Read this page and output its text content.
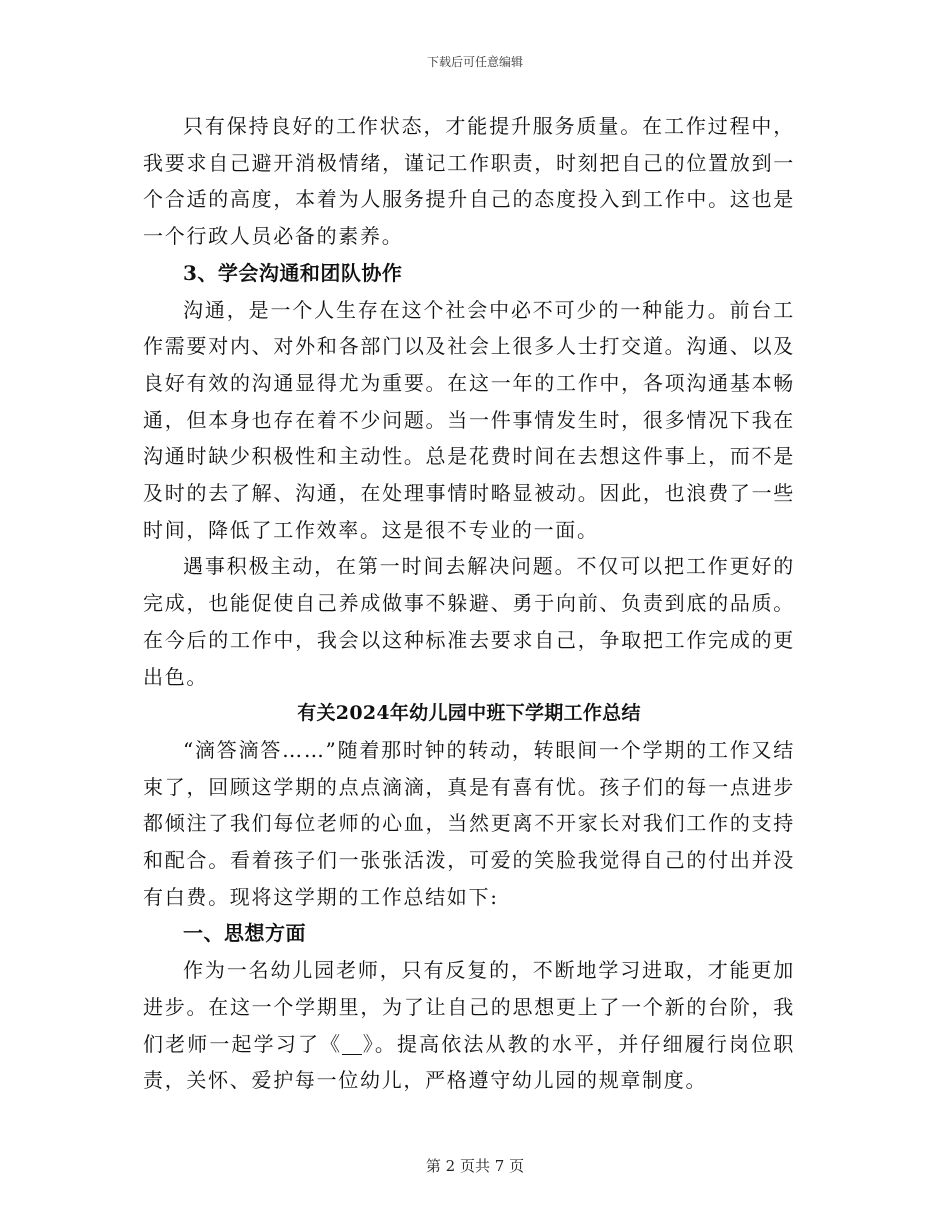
下载后可任意编辑

只有保持良好的工作状态，才能提升服务质量。在工作过程中，我要求自己避开消极情绪，谨记工作职责，时刻把自己的位置放到一个合适的高度，本着为人服务提升自己的态度投入到工作中。这也是一个行政人员必备的素养。

3、学会沟通和团队协作

沟通，是一个人生存在这个社会中必不可少的一种能力。前台工作需要对内、对外和各部门以及社会上很多人士打交道。沟通、以及良好有效的沟通显得尤为重要。在这一年的工作中，各项沟通基本畅通，但本身也存在着不少问题。当一件事情发生时，很多情况下我在沟通时缺少积极性和主动性。总是花费时间在去想这件事上，而不是及时的去了解、沟通，在处理事情时略显被动。因此，也浪费了一些时间，降低了工作效率。这是很不专业的一面。

遇事积极主动，在第一时间去解决问题。不仅可以把工作更好的完成，也能促使自己养成做事不躲避、勇于向前、负责到底的品质。在今后的工作中，我会以这种标准去要求自己，争取把工作完成的更出色。

有关2024年幼儿园中班下学期工作总结

“滴答滴答……”随着那时钟的转动，转眼间一个学期的工作又结束了，回顾这学期的点点滴滴，真是有喜有忧。孩子们的每一点进步都倾注了我们每位老师的心血，当然更离不开家长对我们工作的支持和配合。看着孩子们一张张活泼，可爱的笑脸我觉得自己的付出并没有白费。现将这学期的工作总结如下:

一、思想方面

作为一名幼儿园老师，只有反复的，不断地学习进取，才能更加进步。在这一个学期里，为了让自己的思想更上了一个新的台阶，我们老师一起学习了《 》。提高依法从教的水平，并仔细履行岗位职责，关怀、爱护每一位幼儿，严格遵守幼儿园的规章制度。

第 2 页共 7 页
